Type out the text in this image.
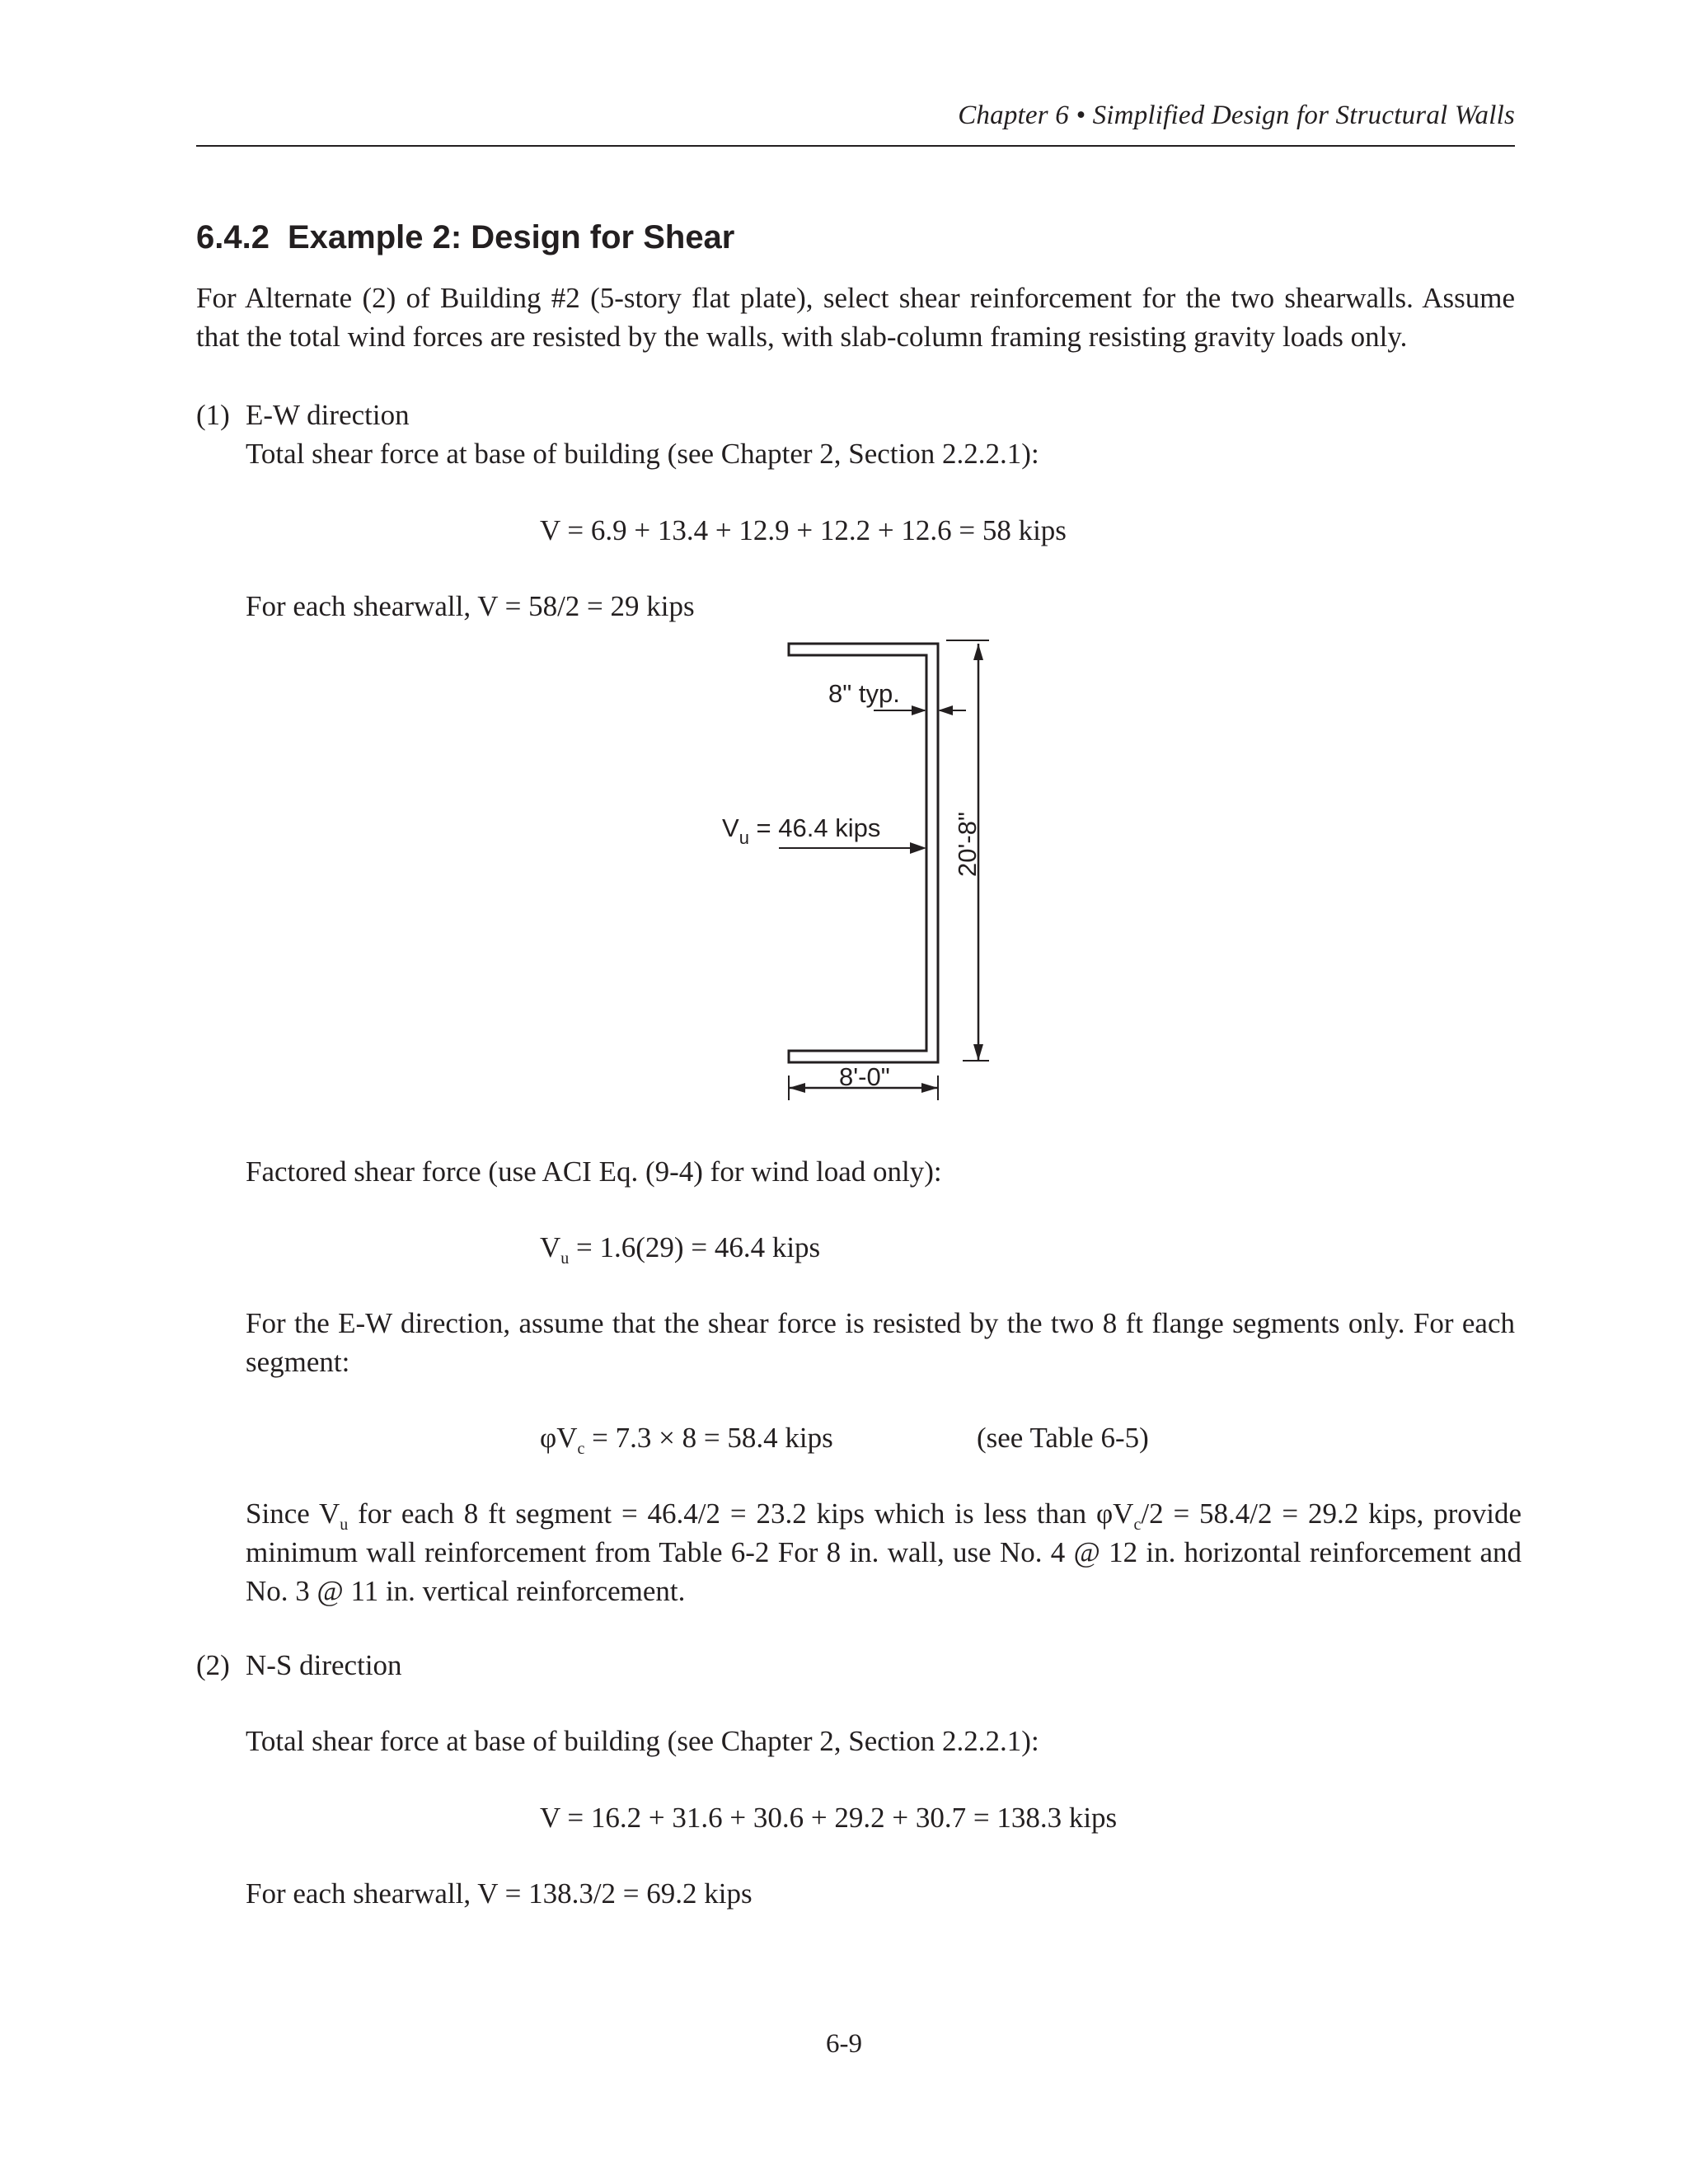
Chapter 6 • Simplified Design for Structural Walls
6.4.2 Example 2: Design for Shear
For Alternate (2) of Building #2 (5-story flat plate), select shear reinforcement for the two shearwalls. Assume that the total wind forces are resisted by the walls, with slab-column framing resisting gravity loads only.
(1) E-W direction
Total shear force at base of building (see Chapter 2, Section 2.2.2.1):
V = 6.9 + 13.4 + 12.9 + 12.2 + 12.6 = 58 kips
For each shearwall, V = 58/2 = 29 kips
8" typ.
$V_u = 46.4$ kips	20'-8"
8'-0"
Factored shear force (use ACI Eq. (9-4) for wind load only):
$V_u = 1.6(29) = 46.4$ kips
For the E-W direction, assume that the shear force is resisted by the two 8 ft flange segments only. For each segment:
$\varphi V_c = 7.3 \times 8 = 58.4$ kips	(see Table 6-5)
Since $V_u$ for each 8 ft segment = 46.4/2 = 23.2 kips which is less than $\varphi V_c/2 = 58.4/2 = 29.2$ kips, provide minimum wall reinforcement from Table 6-2 For 8 in. wall, use No. 4 @ 12 in. horizontal reinforcement and No. 3 @ 11 in. vertical reinforcement.
(2) N-S direction
Total shear force at base of building (see Chapter 2, Section 2.2.2.1):
V = 16.2 + 31.6 + 30.6 + 29.2 + 30.7 = 138.3 kips
For each shearwall, V = 138.3/2 = 69.2 kips
6-9
